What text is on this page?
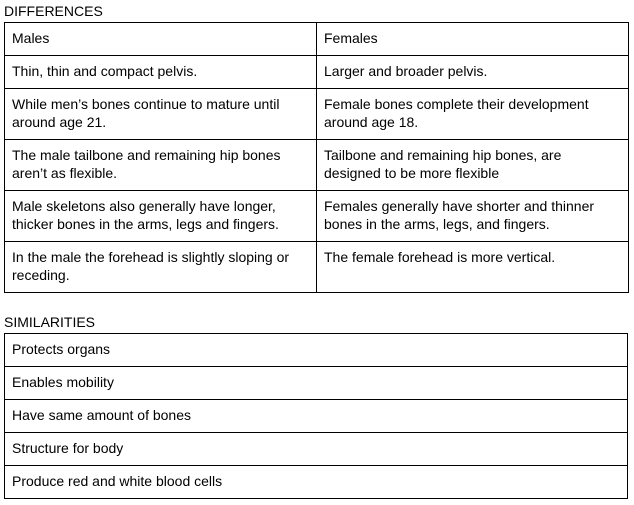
DIFFERENCES
Males	Females
Thin, thin and compact pelvis.	Larger and broader pelvis.
While men’s bones continue to mature until around age 21.	Female bones complete their development around age 18.
The male tailbone and remaining hip bones aren’t as flexible.	Tailbone and remaining hip bones, are designed to be more flexible
Male skeletons also generally have longer, thicker bones in the arms, legs and fingers.	Females generally have shorter and thinner bones in the arms, legs, and fingers.
In the male the forehead is slightly sloping or receding.	The female forehead is more vertical.
SIMILARITIES
Protects organs
Enables mobility
Have same amount of bones
Structure for body
Produce red and white blood cells
